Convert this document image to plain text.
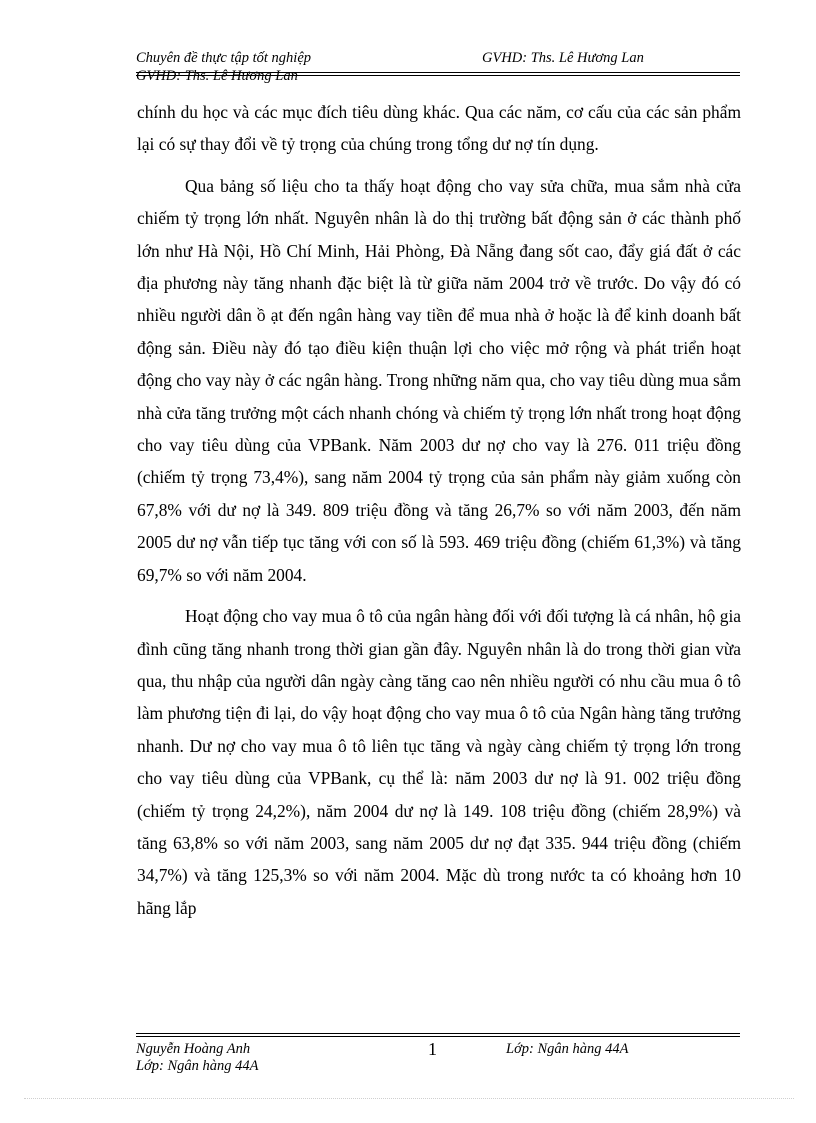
Chuyên đề thực tập tốt nghiệp	GVHD: Ths. Lê Hương Lan
GVHD: Ths. Lê Hương Lan

chính du học và các mục đích tiêu dùng khác. Qua các năm, cơ cấu của các sản phẩm lại có sự thay đổi về tỷ trọng của chúng trong tổng dư nợ tín dụng.

Qua bảng số liệu cho ta thấy hoạt động cho vay sửa chữa, mua sắm nhà cửa chiếm tỷ trọng lớn nhất. Nguyên nhân là do thị trường bất động sản ở các thành phố lớn như Hà Nội, Hồ Chí Minh, Hải Phòng, Đà Nẵng đang sốt cao, đẩy giá đất ở các địa phương này tăng nhanh đặc biệt là từ giữa năm 2004 trở về trước. Do vậy đó có nhiều người dân ồ ạt đến ngân hàng vay tiền để mua nhà ở hoặc là để kinh doanh bất động sản. Điều này đó tạo điều kiện thuận lợi cho việc mở rộng và phát triển hoạt động cho vay này ở các ngân hàng. Trong những năm qua, cho vay tiêu dùng mua sắm nhà cửa tăng trưởng một cách nhanh chóng và chiếm tỷ trọng lớn nhất trong hoạt động cho vay tiêu dùng của VPBank. Năm 2003 dư nợ cho vay là 276. 011 triệu đồng (chiếm tỷ trọng 73,4%), sang năm 2004 tỷ trọng của sản phẩm này giảm xuống còn 67,8% với dư nợ là 349. 809 triệu đồng và tăng 26,7% so với năm 2003, đến năm 2005 dư nợ vẫn tiếp tục tăng với con số là 593. 469 triệu đồng (chiếm 61,3%) và tăng 69,7% so với năm 2004.

Hoạt động cho vay mua ô tô của ngân hàng đối với đối tượng là cá nhân, hộ gia đình cũng tăng nhanh trong thời gian gần đây. Nguyên nhân là do trong thời gian vừa qua, thu nhập của người dân ngày càng tăng cao nên nhiều người có nhu cầu mua ô tô làm phương tiện đi lại, do vậy hoạt động cho vay mua ô tô của Ngân hàng tăng trưởng nhanh. Dư nợ cho vay mua ô tô liên tục tăng và ngày càng chiếm tỷ trọng lớn trong cho vay tiêu dùng của VPBank, cụ thể là: năm 2003 dư nợ là 91. 002 triệu đồng (chiếm tỷ trọng 24,2%), năm 2004 dư nợ là 149. 108 triệu đồng (chiếm 28,9%) và tăng 63,8% so với năm 2003, sang năm 2005 dư nợ đạt 335. 944 triệu đồng (chiếm 34,7%) và tăng 125,3% so với năm 2004. Mặc dù trong nước ta có khoảng hơn 10 hãng lắp

Nguyễn Hoàng Anh	1	Lớp: Ngân hàng 44A
Lớp: Ngân hàng 44A
